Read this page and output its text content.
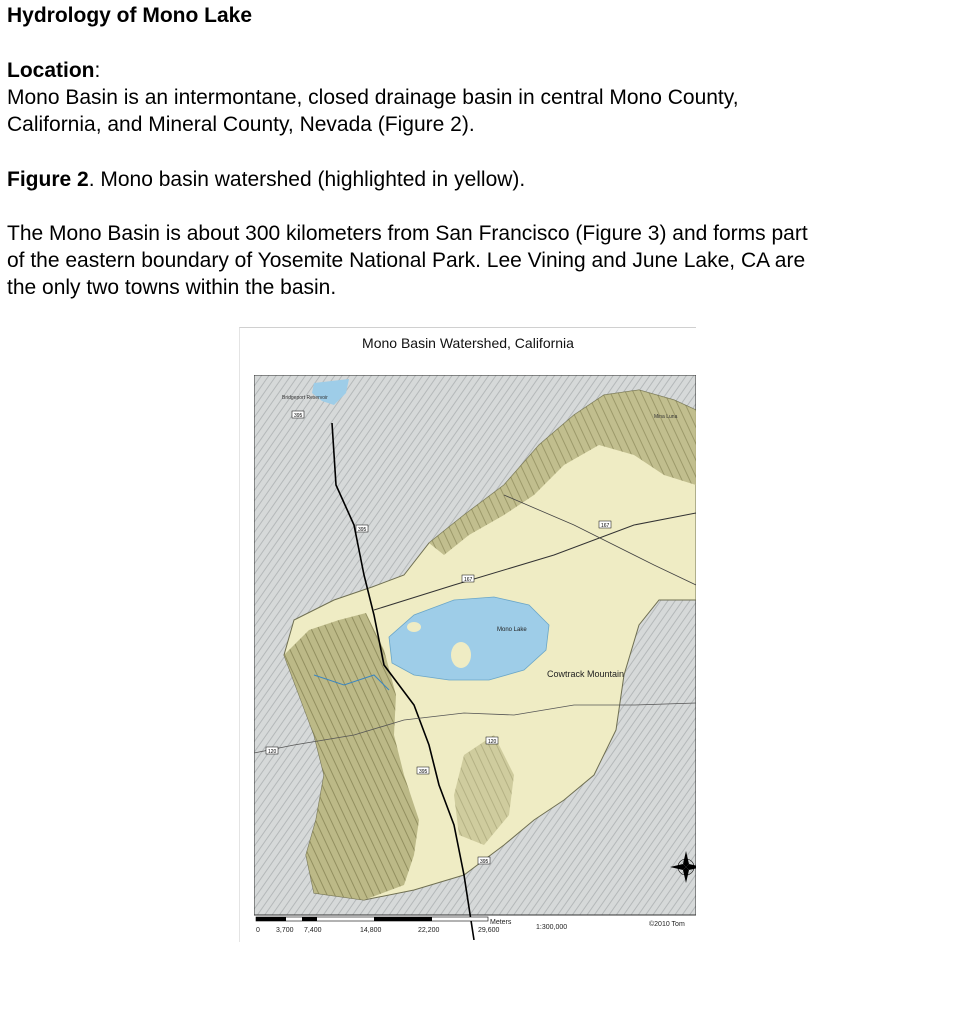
Hydrology of Mono Lake
Location:
Mono Basin is an intermontane, closed drainage basin in central Mono County,
California, and Mineral County, Nevada (Figure 2).
Figure 2. Mono basin watershed (highlighted in yellow).
The Mono Basin is about 300 kilometers from San Francisco (Figure 3) and forms part
of the eastern boundary of Yosemite National Park. Lee Vining and June Lake, CA are
the only two towns within the basin.
Mono Basin Watershed, California
395
395
167
167
120
120
395
395
Mono Lake
Cowtrack Mountain
Bridgeport Reservoir
Mina Luna
0 3,700 7,400	14,800	22,200	29,600
Meters
1:300,000	©2010 Tom
